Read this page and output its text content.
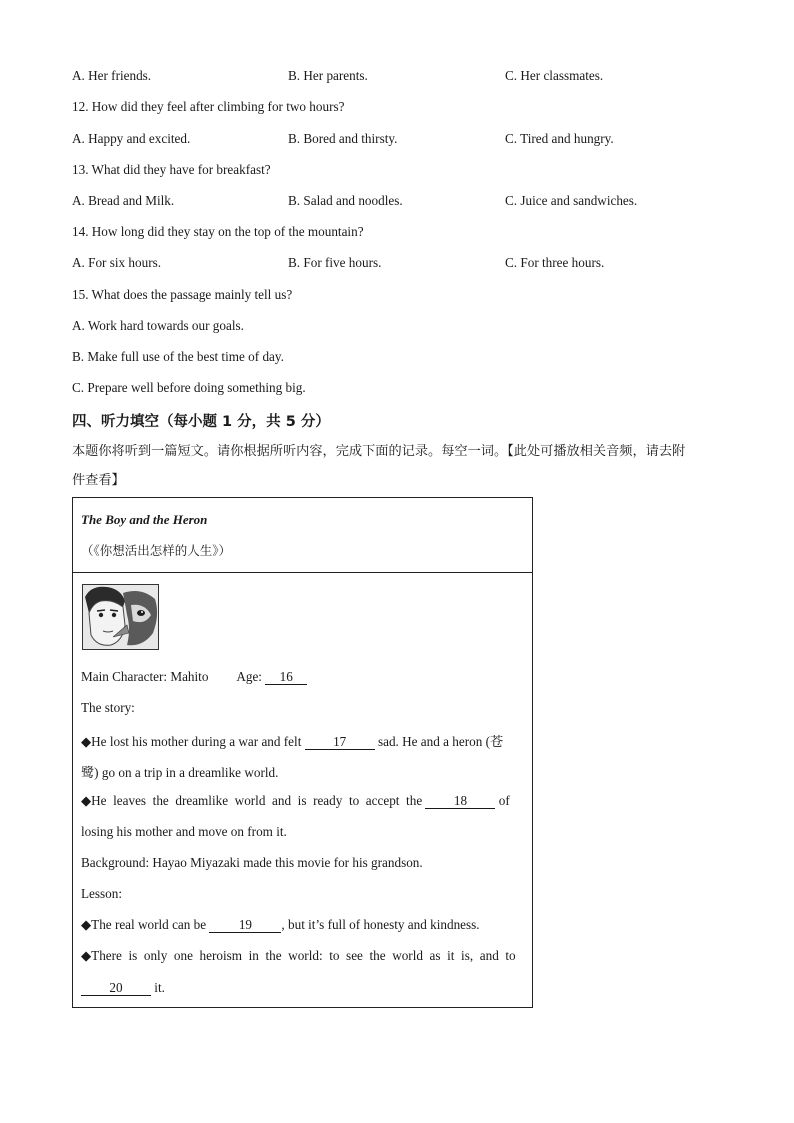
A. Her friends.	B. Her parents.	C. Her classmates.
12. How did they feel after climbing for two hours?
A. Happy and excited.	B. Bored and thirsty.	C. Tired and hungry.
13. What did they have for breakfast?
A. Bread and Milk.	B. Salad and noodles.	C. Juice and sandwiches.
14. How long did they stay on the top of the mountain?
A. For six hours.	B. For five hours.	C. For three hours.
15. What does the passage mainly tell us?
A. Work hard towards our goals.
B. Make full use of the best time of day.
C. Prepare well before doing something big.
四、听力填空（每小题 1 分，共 5 分）
本题你将听到一篇短文。请你根据所听内容，完成下面的记录。每空一词。【此处可播放相关音频，请去附
件查看】
The Boy and the Heron
（《你想活出怎样的人生》）
Main Character: Mahito Age: 16
The story:
◆He lost his mother during a war and felt 17 sad. He and a heron (苍
鹭) go on a trip in a dreamlike world.
◆He  leaves  the  dreamlike  world  and  is  ready  to  accept  the 18 of
losing his mother and move on from it.
Background: Hayao Miyazaki made this movie for his grandson.
Lesson:
◆The real world can be 19 , but it’s full of honesty and kindness.
◆There  is  only  one  heroism  in  the  world:  to  see  the  world  as  it  is,  and  to
20 it.
